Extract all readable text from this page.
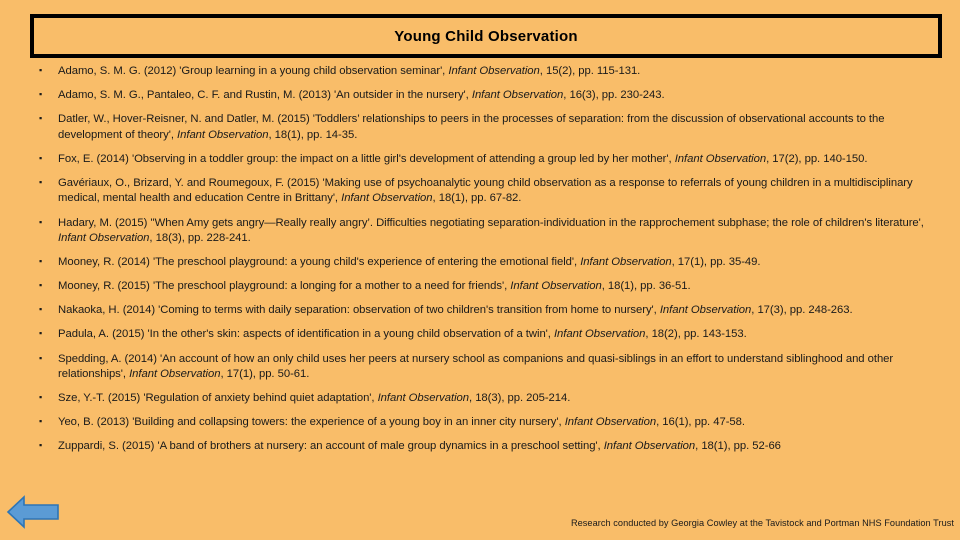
Young Child Observation
▪ Adamo, S. M. G. (2012) 'Group learning in a young child observation seminar', Infant Observation, 15(2), pp. 115-131.
▪ Adamo, S. M. G., Pantaleo, C. F. and Rustin, M. (2013) 'An outsider in the nursery', Infant Observation, 16(3), pp. 230-243.
▪ Datler, W., Hover-Reisner, N. and Datler, M. (2015) 'Toddlers’ relationships to peers in the processes of separation: from the discussion of observational accounts to the development of theory', Infant Observation, 18(1), pp. 14-35.
▪ Fox, E. (2014) 'Observing in a toddler group: the impact on a little girl's development of attending a group led by her mother', Infant Observation, 17(2), pp. 140-150.
▪ Gavériaux, O., Brizard, Y. and Roumegoux, F. (2015) 'Making use of psychoanalytic young child observation as a response to referrals of young children in a multidisciplinary medical, mental health and education Centre in Brittany', Infant Observation, 18(1), pp. 67-82.
▪ Hadary, M. (2015) ''When Amy gets angry—Really really angry’. Difficulties negotiating separation-individuation in the rapprochement subphase; the role of children's literature', Infant Observation, 18(3), pp. 228-241.
▪ Mooney, R. (2014) 'The preschool playground: a young child's experience of entering the emotional field', Infant Observation, 17(1), pp. 35-49.
▪ Mooney, R. (2015) 'The preschool playground: a longing for a mother to a need for friends', Infant Observation, 18(1), pp. 36-51.
▪ Nakaoka, H. (2014) 'Coming to terms with daily separation: observation of two children's transition from home to nursery', Infant Observation, 17(3), pp. 248-263.
▪ Padula, A. (2015) 'In the other's skin: aspects of identification in a young child observation of a twin', Infant Observation, 18(2), pp. 143-153.
▪ Spedding, A. (2014) 'An account of how an only child uses her peers at nursery school as companions and quasi-siblings in an effort to understand siblinghood and other relationships', Infant Observation, 17(1), pp. 50-61.
▪ Sze, Y.-T. (2015) 'Regulation of anxiety behind quiet adaptation', Infant Observation, 18(3), pp. 205-214.
▪ Yeo, B. (2013) 'Building and collapsing towers: the experience of a young boy in an inner city nursery', Infant Observation, 16(1), pp. 47-58.
▪ Zuppardi, S. (2015) 'A band of brothers at nursery: an account of male group dynamics in a preschool setting', Infant Observation, 18(1), pp. 52-66
Research conducted by Georgia Cowley at the Tavistock and Portman NHS Foundation Trust
